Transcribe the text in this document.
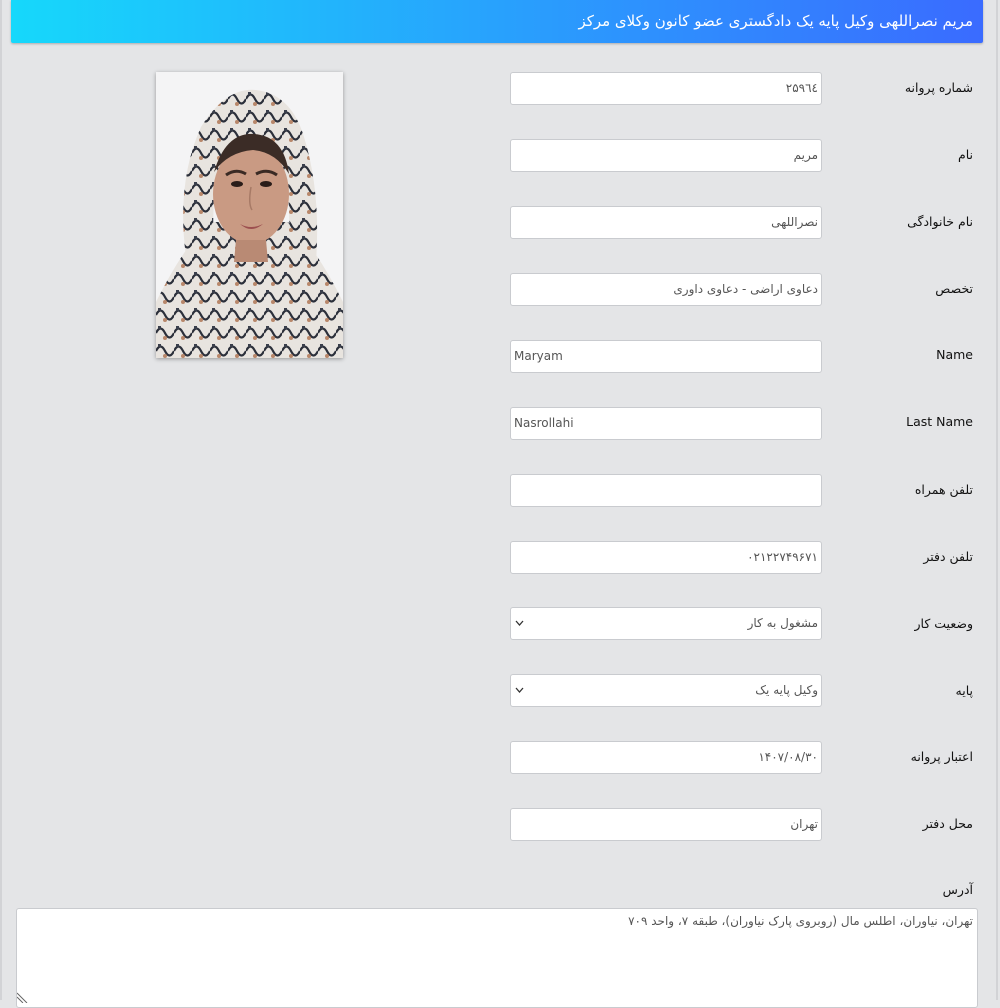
مریم نصراللهی وکیل پایه یک دادگستری عضو کانون وکلای مرکز
شماره پروانه
۲۵۹٦٤
نام
مریم
نام خانوادگی
نصراللهی
تخصص
دعاوی اراضی - دعاوی داوری
Name
Maryam
Last Name
Nasrollahi
تلفن همراه
تلفن دفتر
۰۲۱۲۲۷۴۹۶۷۱
وضعیت کار
مشغول به کار
پایه
وکیل پایه یک
اعتبار پروانه
۱۴۰۷/۰۸/۳۰
محل دفتر
تهران
آدرس
تهران، نیاوران، اطلس مال (روبروی پارک نیاوران)، طبقه ۷، واحد ۷۰۹
